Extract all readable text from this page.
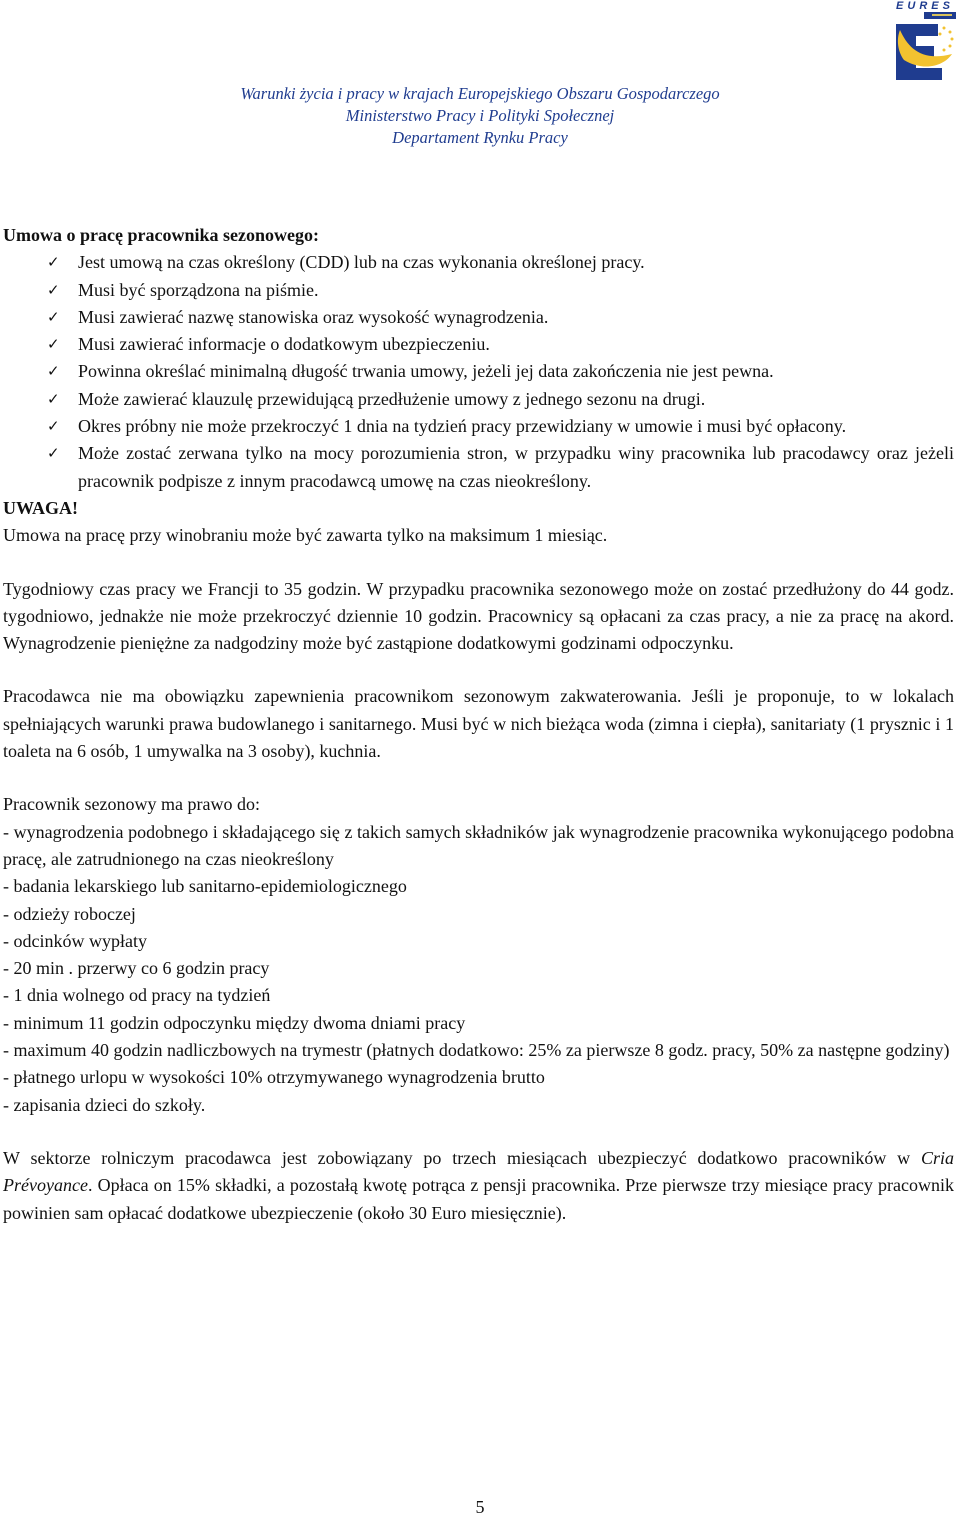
EURES
Warunki życia i pracy w krajach Europejskiego Obszaru Gospodarczego
Ministerstwo Pracy i Polityki Społecznej
Departament Rynku Pracy
Umowa o pracę pracownika sezonowego:
✓ Jest umową na czas określony (CDD) lub na czas wykonania określonej pracy.
✓ Musi być sporządzona na piśmie.
✓ Musi zawierać nazwę stanowiska oraz wysokość wynagrodzenia.
✓ Musi zawierać informacje o dodatkowym ubezpieczeniu.
✓ Powinna określać minimalną długość trwania umowy, jeżeli jej data zakończenia nie jest pewna.
✓ Może zawierać klauzulę przewidującą przedłużenie umowy z jednego sezonu na drugi.
✓ Okres próbny nie może przekroczyć 1 dnia na tydzień pracy przewidziany w umowie i musi być opłacony.
✓ Może zostać zerwana tylko na mocy porozumienia stron, w przypadku winy pracownika lub pracodawcy oraz jeżeli pracownik podpisze z innym pracodawcą umowę na czas nieokreślony.
UWAGA!

Umowa na pracę przy winobraniu może być zawarta tylko na maksimum 1 miesiąc.

Tygodniowy czas pracy we Francji to 35 godzin. W przypadku pracownika sezonowego może on zostać przedłużony do 44 godz. tygodniowo, jednakże nie może przekroczyć dziennie 10 godzin. Pracownicy są opłacani za czas pracy, a nie za pracę na akord. Wynagrodzenie pieniężne za nadgodziny może być zastąpione dodatkowymi godzinami odpoczynku.

Pracodawca nie ma obowiązku zapewnienia pracownikom sezonowym zakwaterowania. Jeśli je proponuje, to w lokalach spełniających warunki prawa budowlanego i sanitarnego. Musi być w nich bieżąca woda (zimna i ciepła), sanitariaty (1 prysznic i 1 toaleta na 6 osób, 1 umywalka na 3 osoby), kuchnia.

Pracownik sezonowy ma prawo do:

- wynagrodzenia podobnego i składającego się z takich samych składników jak wynagrodzenie pracownika wykonującego podobna pracę, ale zatrudnionego na czas nieokreślony

- badania lekarskiego lub sanitarno-epidemiologicznego

- odzieży roboczej

- odcinków wypłaty

- 20 min . przerwy co 6 godzin pracy

- 1 dnia wolnego od pracy na tydzień

- minimum 11 godzin odpoczynku między dwoma dniami pracy

- maximum 40 godzin nadliczbowych na trymestr (płatnych dodatkowo: 25% za pierwsze 8 godz. pracy, 50% za następne godziny)

- płatnego urlopu w wysokości 10% otrzymywanego wynagrodzenia brutto

- zapisania dzieci do szkoły.

W sektorze rolniczym pracodawca jest zobowiązany po trzech miesiącach ubezpieczyć dodatkowo pracowników w Cria Prévoyance. Opłaca on 15% składki, a pozostałą kwotę potrąca z pensji pracownika. Prze pierwsze trzy miesiące pracy pracownik powinien sam opłacać dodatkowe ubezpieczenie (około 30 Euro miesięcznie).

5
